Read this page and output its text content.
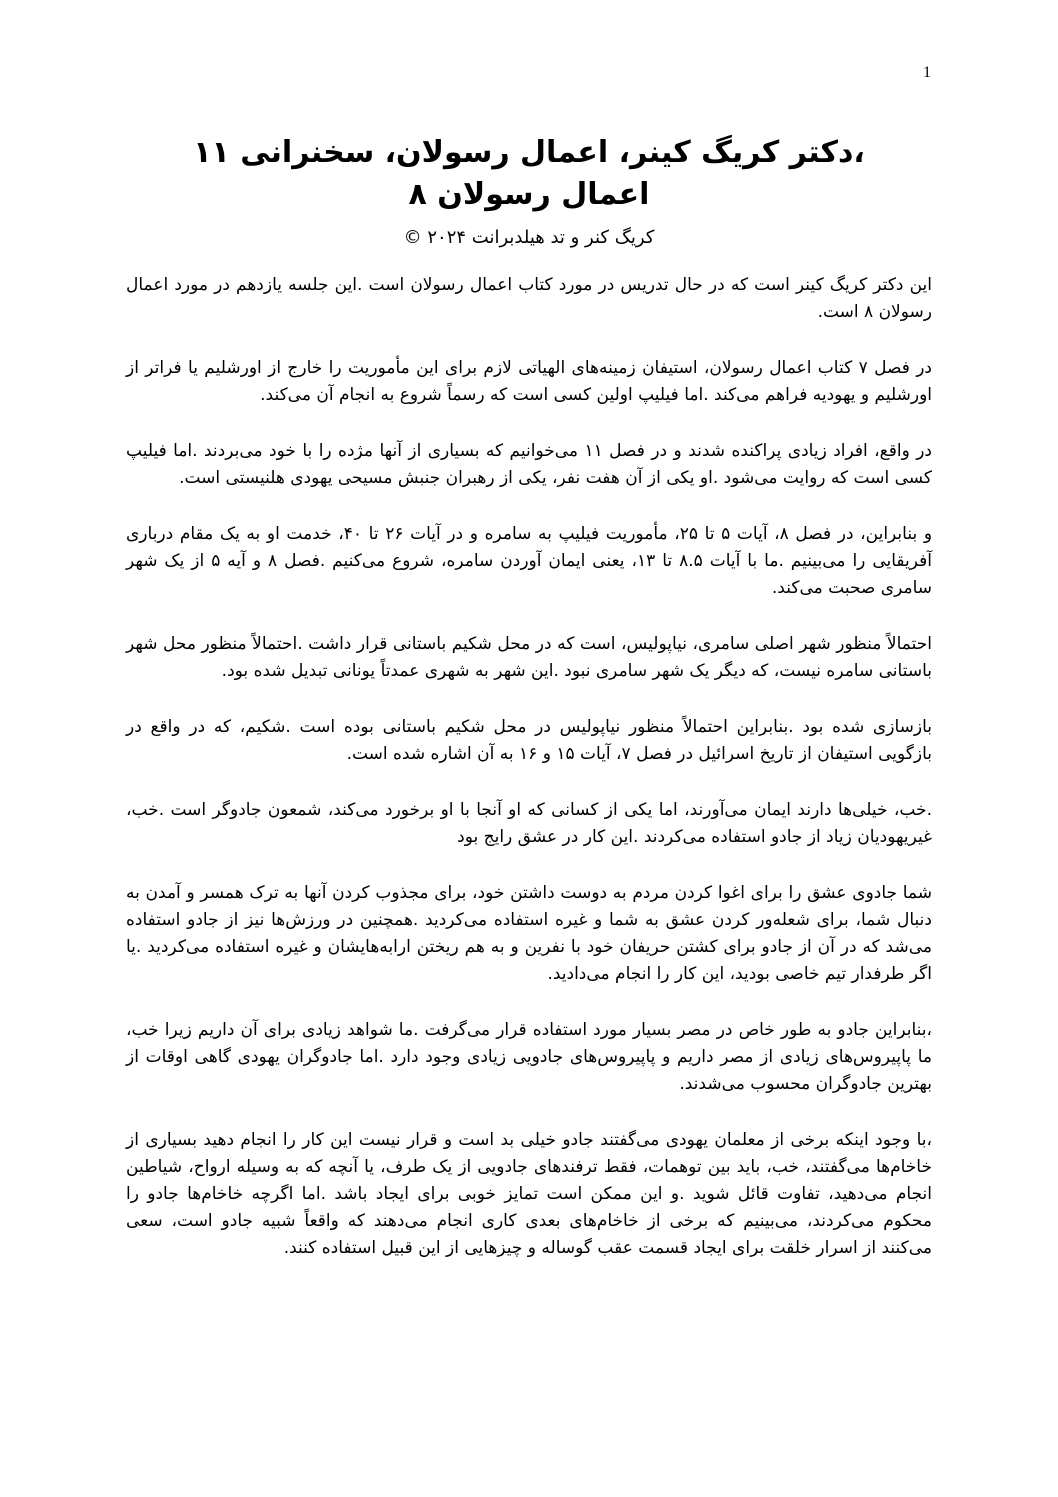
1
،دکتر کریگ کینر، اعمال رسولان، سخنرانی ۱۱
اعمال رسولان ۸
کریگ کنر و تد هیلدبرانت ۲۰۲۴ ©

این دکتر کریگ کینر است که در حال تدریس در مورد کتاب اعمال رسولان است .این جلسه یازدهم در مورد اعمال رسولان ۸ است.

در فصل ۷ کتاب اعمال رسولان، استیفان زمینه‌های الهیاتی لازم برای این مأموریت را خارج از اورشلیم یا فراتر از اورشلیم و یهودیه فراهم می‌کند .اما فیلیپ اولین کسی است که رسماً شروع به انجام آن می‌کند.

در واقع، افراد زیادی پراکنده شدند و در فصل ۱۱ می‌خوانیم که بسیاری از آنها مژده را با خود می‌بردند .اما فیلیپ کسی است که روایت می‌شود .او یکی از آن هفت نفر، یکی از رهبران جنبش مسیحی یهودی هلنیستی است.

و بنابراین، در فصل ۸، آیات ۵ تا ۲۵، مأموریت فیلیپ به سامره و در آیات ۲۶ تا ۴۰، خدمت او به یک مقام درباری آفریقایی را می‌بینیم .ما با آیات ۸.۵ تا ۱۳، یعنی ایمان آوردن سامره، شروع می‌کنیم .فصل ۸ و آیه ۵ از یک شهر سامری صحبت می‌کند.

احتمالاً منظور شهر اصلی سامری، نیاپولیس، است که در محل شکیم باستانی قرار داشت .احتمالاً منظور محل شهر باستانی سامره نیست، که دیگر یک شهر سامری نبود .این شهر به شهری عمدتاً یونانی تبدیل شده بود.

بازسازی شده بود .بنابراین احتمالاً منظور نیاپولیس در محل شکیم باستانی بوده است .شکیم، که در واقع در بازگویی استیفان از تاریخ اسرائیل در فصل ۷، آیات ۱۵ و ۱۶ به آن اشاره شده است.

.خب، خیلی‌ها دارند ایمان می‌آورند، اما یکی از کسانی که او آنجا با او برخورد می‌کند، شمعون جادوگر است .خب، غیریهودیان زیاد از جادو استفاده می‌کردند .این کار در عشق رایج بود

شما جادوی عشق را برای اغوا کردن مردم به دوست داشتن خود، برای مجذوب کردن آنها به ترک همسر و آمدن به دنبال شما، برای شعله‌ور کردن عشق به شما و غیره استفاده می‌کردید .همچنین در ورزش‌ها نیز از جادو استفاده می‌شد که در آن از جادو برای کشتن حریفان خود با نفرین و به هم ریختن ارابه‌هایشان و غیره استفاده می‌کردید .یا اگر طرفدار تیم خاصی بودید، این کار را انجام می‌دادید.

،بنابراین جادو به طور خاص در مصر بسیار مورد استفاده قرار می‌گرفت .ما شواهد زیادی برای آن داریم زیرا خب، ما پاپیروس‌های زیادی از مصر داریم و پاپیروس‌های جادویی زیادی وجود دارد .اما جادوگران یهودی گاهی اوقات از بهترین جادوگران محسوب می‌شدند.

،با وجود اینکه برخی از معلمان یهودی می‌گفتند جادو خیلی بد است و قرار نیست این کار را انجام دهید بسیاری از خاخام‌ها می‌گفتند، خب، باید بین توهمات، فقط ترفندهای جادویی از یک طرف، یا آنچه که به وسیله ارواح، شیاطین انجام می‌دهید، تفاوت قائل شوید .و این ممکن است تمایز خوبی برای ایجاد باشد .اما اگرچه خاخام‌ها جادو را محکوم می‌کردند، می‌بینیم که برخی از خاخام‌های بعدی کاری انجام می‌دهند که واقعاً شبیه جادو است، سعی می‌کنند از اسرار خلقت برای ایجاد قسمت عقب گوساله و چیزهایی از این قبیل استفاده کنند.
